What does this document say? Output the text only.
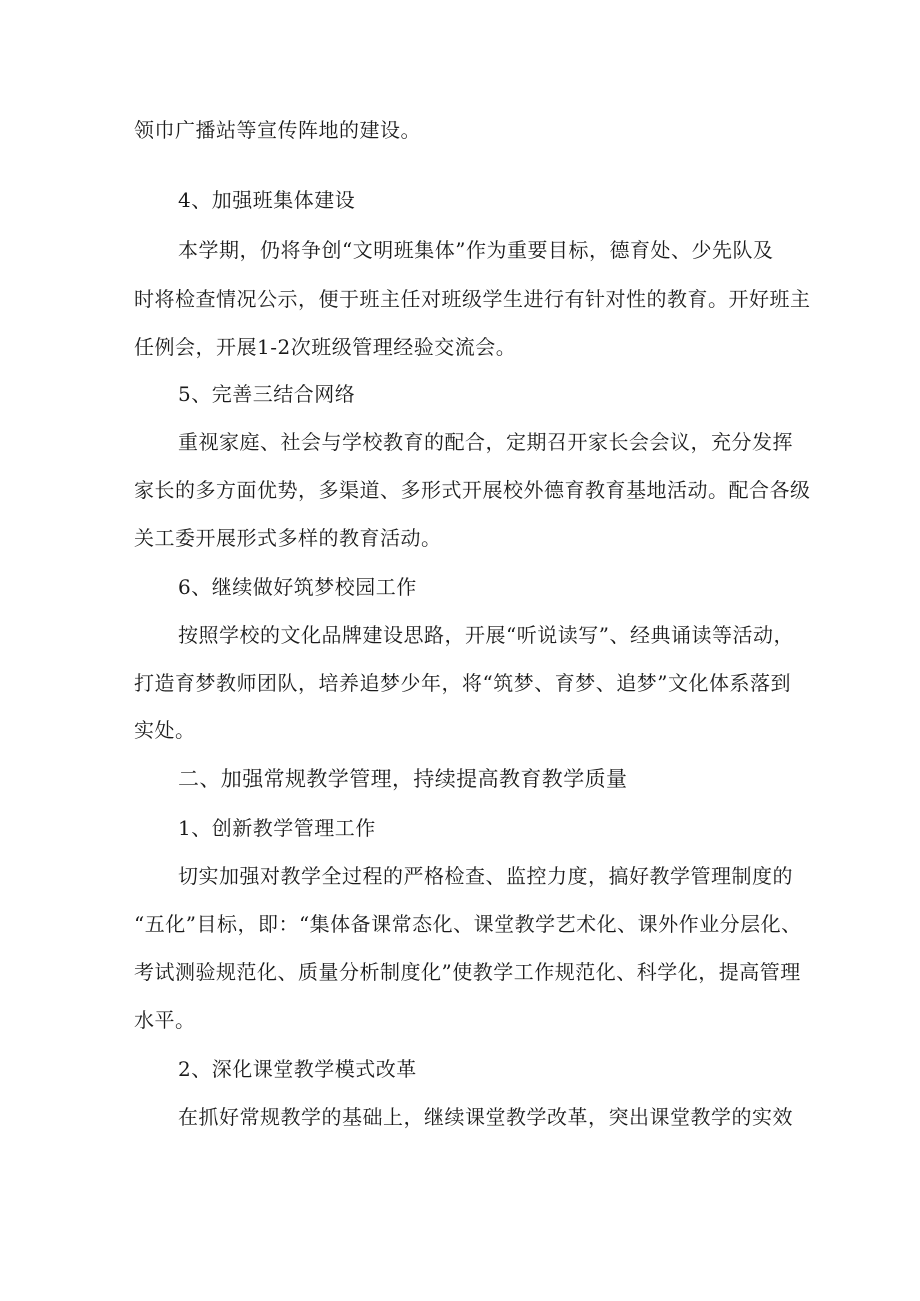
领巾广播站等宣传阵地的建设。
4、加强班集体建设
本学期，仍将争创“文明班集体”作为重要目标，德育处、少先队及
时将检查情况公示，便于班主任对班级学生进行有针对性的教育。开好班主
任例会，开展1-2次班级管理经验交流会。
5、完善三结合网络
重视家庭、社会与学校教育的配合，定期召开家长会会议，充分发挥
家长的多方面优势，多渠道、多形式开展校外德育教育基地活动。配合各级
关工委开展形式多样的教育活动。
6、继续做好筑梦校园工作
按照学校的文化品牌建设思路，开展“听说读写”、经典诵读等活动，
打造育梦教师团队，培养追梦少年，将“筑梦、育梦、追梦”文化体系落到
实处。
二、加强常规教学管理，持续提高教育教学质量
1、创新教学管理工作
切实加强对教学全过程的严格检查、监控力度，搞好教学管理制度的
“五化”目标，即：“集体备课常态化、课堂教学艺术化、课外作业分层化、
考试测验规范化、质量分析制度化”使教学工作规范化、科学化，提高管理
水平。
2、深化课堂教学模式改革
在抓好常规教学的基础上，继续课堂教学改革，突出课堂教学的实效
